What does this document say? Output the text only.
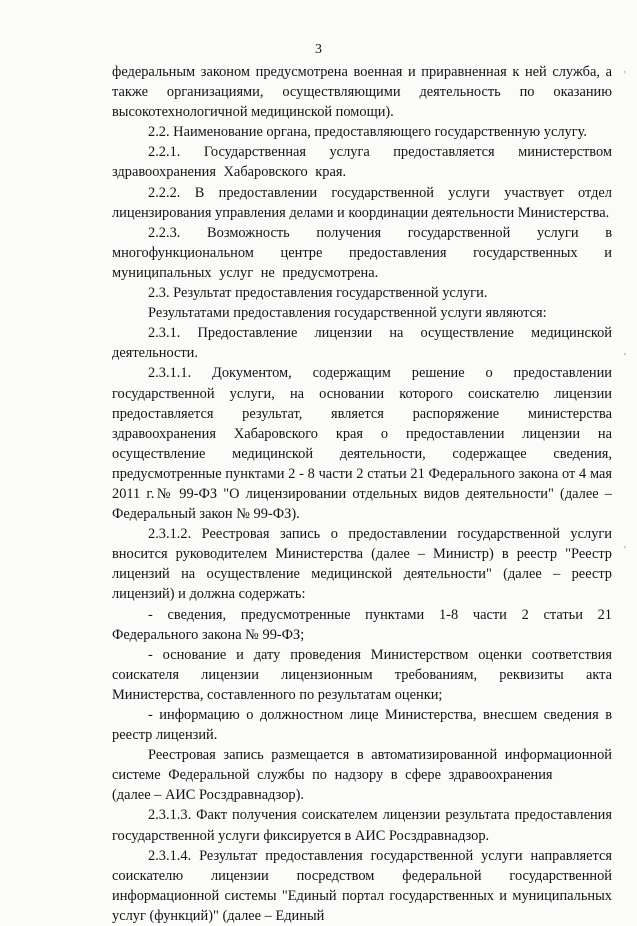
3

федеральным законом предусмотрена военная и приравненная к ней служба, а также организациями, осуществляющими деятельность по оказанию высокотехнологичной медицинской помощи).

2.2. Наименование органа, предоставляющего государственную услугу.

2.2.1. Государственная услуга предоставляется министерством здравоохранения Хабаровского края.

2.2.2. В предоставлении государственной услуги участвует отдел лицензирования управления делами и координации деятельности Министерства.

2.2.3. Возможность получения государственной услуги в многофункциональном центре предоставления государственных и муниципальных услуг не предусмотрена.

2.3. Результат предоставления государственной услуги.

Результатами предоставления государственной услуги являются:

2.3.1. Предоставление лицензии на осуществление медицинской деятельности.

2.3.1.1. Документом, содержащим решение о предоставлении государственной услуги, на основании которого соискателю лицензии предоставляется результат, является распоряжение министерства здравоохранения Хабаровского края о предоставлении лицензии на осуществление медицинской деятельности, содержащее сведения, предусмотренные пунктами 2 - 8 части 2 статьи 21 Федерального закона от 4 мая 2011 г.№ 99-ФЗ "О лицензировании отдельных видов деятельности" (далее – Федеральный закон № 99-ФЗ).

2.3.1.2. Реестровая запись о предоставлении государственной услуги вносится руководителем Министерства (далее – Министр) в реестр "Реестр лицензий на осуществление медицинской деятельности" (далее – реестр лицензий) и должна содержать:

- сведения, предусмотренные пунктами 1-8 части 2 статьи 21 Федерального закона № 99-ФЗ;

- основание и дату проведения Министерством оценки соответствия соискателя лицензии лицензионным требованиям, реквизиты акта Министерства, составленного по результатам оценки;

- информацию о должностном лице Министерства, внесшем сведения в реестр лицензий.

Реестровая запись размещается в автоматизированной информационной системе Федеральной службы по надзору в сфере здравоохранения

(далее – АИС Росздравнадзор).

2.3.1.3. Факт получения соискателем лицензии результата предоставления государственной услуги фиксируется в АИС Росздравнадзор.

2.3.1.4. Результат предоставления государственной услуги направляется соискателю лицензии посредством федеральной государственной информационной системы "Единый портал государственных и муниципальных услуг (функций)" (далее – Единый

'
'
'
